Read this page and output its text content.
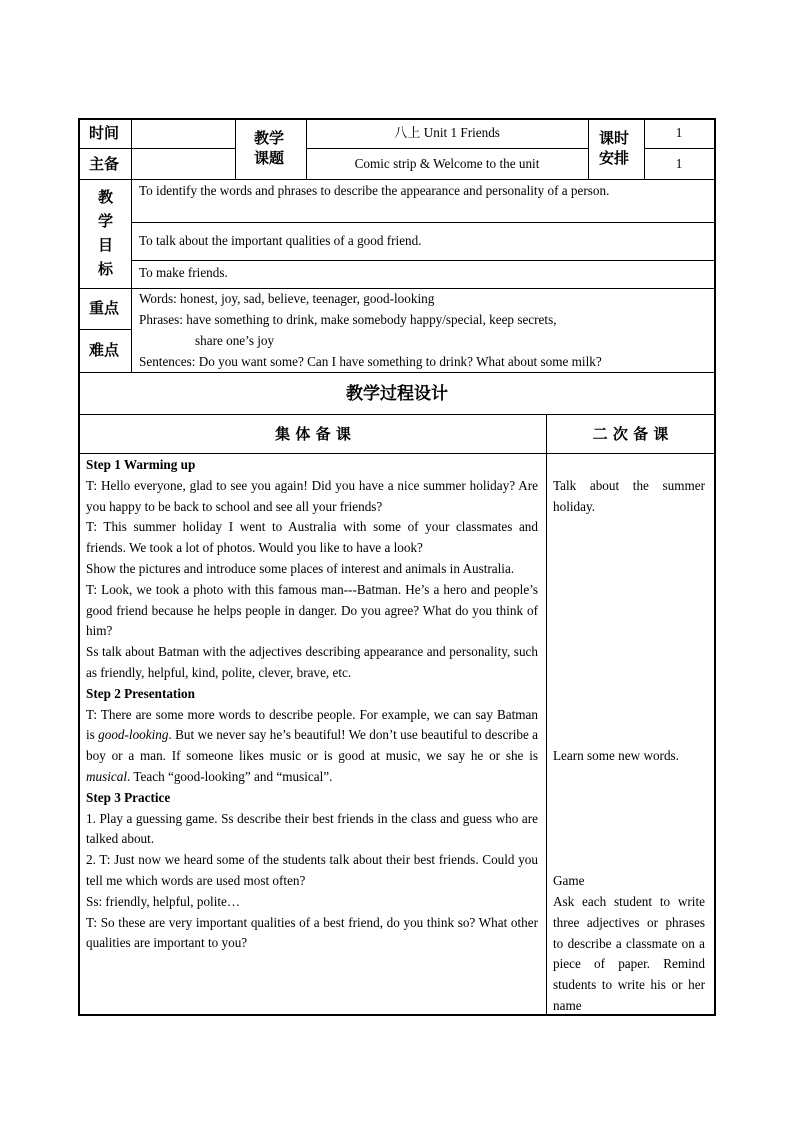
时间
主备
教学课题
八上 Unit 1 Friends
Comic strip & Welcome to the unit
课时安排
1
1
教
学
目
标
To identify the words and phrases to describe the appearance and personality of a person.
To talk about the important qualities of a good friend.
To make friends.
重点
难点
Words: honest, joy, sad, believe, teenager, good-looking
Phrases: have something to drink, make somebody happy/special, keep secrets,
share one’s joy
Sentences: Do you want some? Can I have something to drink? What about some milk?
教学过程设计
集 体 备 课	二 次 备 课
Step 1 Warming up
T: Hello everyone, glad to see you again! Did you have a nice summer holiday? Are you happy to be back to school and see all your friends?
T: This summer holiday I went to Australia with some of your classmates and friends. We took a lot of photos. Would you like to have a look?
Show the pictures and introduce some places of interest and animals in Australia.
T: Look, we took a photo with this famous man---Batman. He’s a hero and people’s good friend because he helps people in danger. Do you agree? What do you think of him?
Ss talk about Batman with the adjectives describing appearance and personality, such as friendly, helpful, kind, polite, clever, brave, etc.
Step 2 Presentation
T: There are some more words to describe people. For example, we can say Batman is good-looking. But we never say he’s beautiful! We don’t use beautiful to describe a boy or a man. If someone likes music or is good at music, we say he or she is musical. Teach “good-looking” and “musical”.
Step 3 Practice
1. Play a guessing game. Ss describe their best friends in the class and guess who are talked about.
2. T: Just now we heard some of the students talk about their best friends. Could you tell me which words are used most often?
Ss: friendly, helpful, polite…
T: So these are very important qualities of a best friend, do you think so? What other qualities are important to you?
Talk about the summer holiday.
Learn some new words.
Game
Ask each student to write three adjectives or phrases to describe a classmate on a piece of paper. Remind students to write his or her name
